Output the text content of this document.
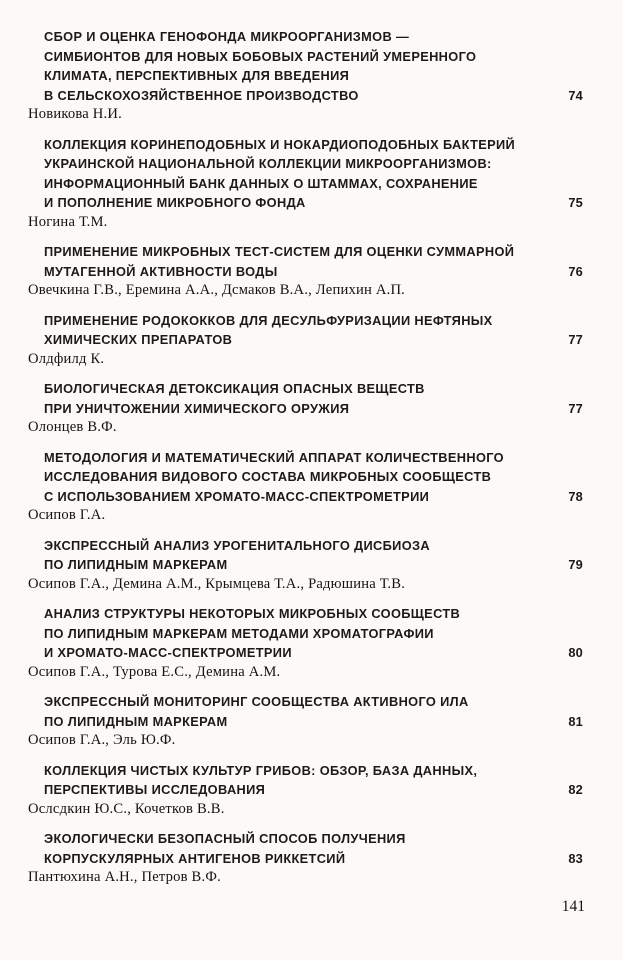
СБОР И ОЦЕНКА ГЕНОФОНДА МИКРООРГАНИЗМОВ —
СИМБИОНТОВ ДЛЯ НОВЫХ БОБОВЫХ РАСТЕНИЙ УМЕРЕННОГО
КЛИМАТА, ПЕРСПЕКТИВНЫХ ДЛЯ ВВЕДЕНИЯ
В СЕЛЬСКОХОЗЯЙСТВЕННОЕ ПРОИЗВОДСТВО	74
Новикова Н.И.
КОЛЛЕКЦИЯ КОРИНЕПОДОБНЫХ И НОКАРДИОПОДОБНЫХ БАКТЕРИЙ
УКРАИНСКОЙ НАЦИОНАЛЬНОЙ КОЛЛЕКЦИИ МИКРООРГАНИЗМОВ:
ИНФОРМАЦИОННЫЙ БАНК ДАННЫХ О ШТАММАХ, СОХРАНЕНИЕ
И ПОПОЛНЕНИЕ МИКРОБНОГО ФОНДА	75
Ногина Т.М.
ПРИМЕНЕНИЕ МИКРОБНЫХ ТЕСТ-СИСТЕМ ДЛЯ ОЦЕНКИ СУММАРНОЙ
МУТАГЕННОЙ АКТИВНОСТИ ВОДЫ	76
Овечкина Г.В., Еремина А.А., Дсмаков В.А., Лепихин А.П.
ПРИМЕНЕНИЕ РОДОКОККОВ ДЛЯ ДЕСУЛЬФУРИЗАЦИИ НЕФТЯНЫХ
ХИМИЧЕСКИХ ПРЕПАРАТОВ	77
Олдфилд К.
БИОЛОГИЧЕСКАЯ ДЕТОКСИКАЦИЯ ОПАСНЫХ ВЕЩЕСТВ
ПРИ УНИЧТОЖЕНИИ ХИМИЧЕСКОГО ОРУЖИЯ	77
Олонцев В.Ф.
МЕТОДОЛОГИЯ И МАТЕМАТИЧЕСКИЙ АППАРАТ КОЛИЧЕСТВЕННОГО
ИССЛЕДОВАНИЯ ВИДОВОГО СОСТАВА МИКРОБНЫХ СООБЩЕСТВ
С ИСПОЛЬЗОВАНИЕМ ХРОМАТО-МАСС-СПЕКТРОМЕТРИИ	78
Осипов Г.А.
ЭКСПРЕССНЫЙ АНАЛИЗ УРОГЕНИТАЛЬНОГО ДИСБИОЗА
ПО ЛИПИДНЫМ МАРКЕРАМ	79
Осипов Г.А., Демина А.М., Крымцева Т.А., Радюшина Т.В.
АНАЛИЗ СТРУКТУРЫ НЕКОТОРЫХ МИКРОБНЫХ СООБЩЕСТВ
ПО ЛИПИДНЫМ МАРКЕРАМ МЕТОДАМИ ХРОМАТОГРАФИИ
И ХРОМАТО-МАСС-СПЕКТРОМЕТРИИ	80
Осипов Г.А., Турова Е.С., Демина А.М.
ЭКСПРЕССНЫЙ МОНИТОРИНГ СООБЩЕСТВА АКТИВНОГО ИЛА
ПО ЛИПИДНЫМ МАРКЕРАМ	81
Осипов Г.А., Эль Ю.Ф.
КОЛЛЕКЦИЯ ЧИСТЫХ КУЛЬТУР ГРИБОВ: ОБЗОР, БАЗА ДАННЫХ,
ПЕРСПЕКТИВЫ ИССЛЕДОВАНИЯ	82
Ослсдкин Ю.С., Кочетков В.В.
ЭКОЛОГИЧЕСКИ БЕЗОПАСНЫЙ СПОСОБ ПОЛУЧЕНИЯ
КОРПУСКУЛЯРНЫХ АНТИГЕНОВ РИККЕТСИЙ	83
Пантюхина А.Н., Петров В.Ф.
141
